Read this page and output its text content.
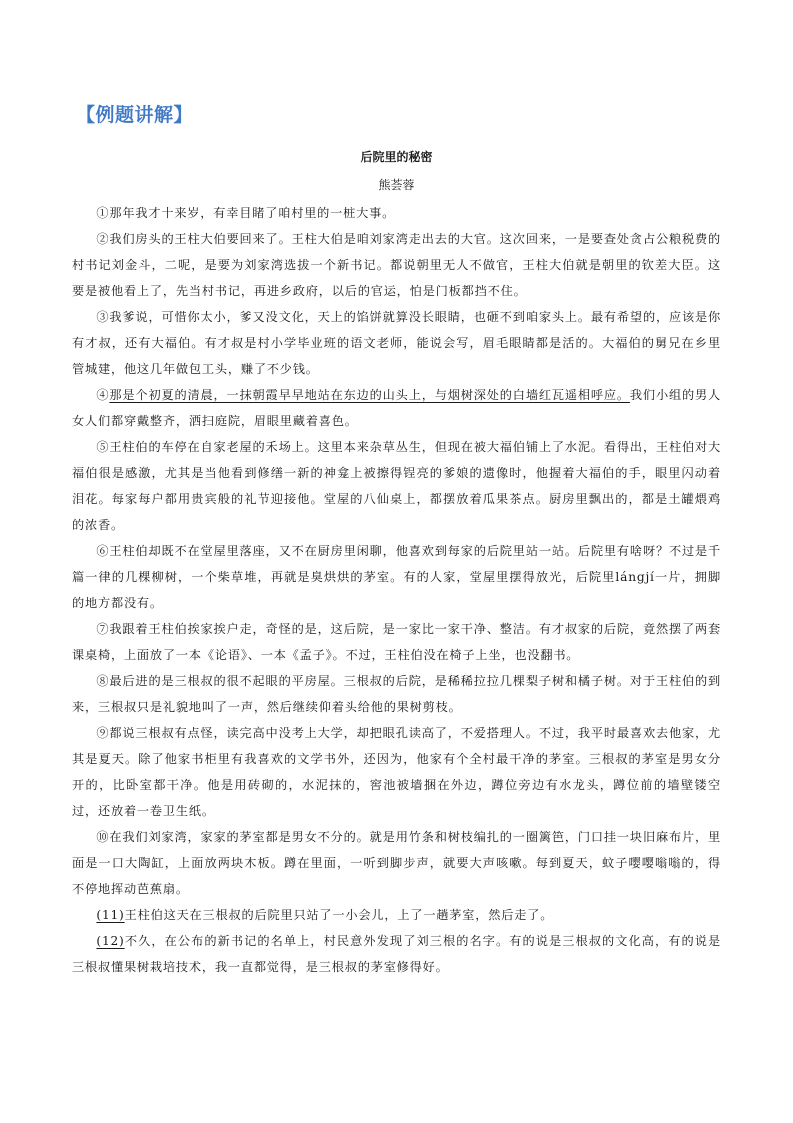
【例题讲解】
后院里的秘密
熊荟蓉

①那年我才十来岁，有幸目睹了咱村里的一桩大事。

②我们房头的王柱大伯要回来了。王柱大伯是咱刘家湾走出去的大官。这次回来，一是要查处贪占公粮税费的村书记刘金斗，二呢，是要为刘家湾选拔一个新书记。都说朝里无人不做官，王柱大伯就是朝里的钦差大臣。这要是被他看上了，先当村书记，再进乡政府，以后的官运，怕是门板都挡不住。

③我爹说，可惜你太小，爹又没文化，天上的馅饼就算没长眼睛，也砸不到咱家头上。最有希望的，应该是你有才叔，还有大福伯。有才叔是村小学毕业班的语文老师，能说会写，眉毛眼睛都是活的。大福伯的舅兄在乡里管城建，他这几年做包工头，赚了不少钱。

④那是个初夏的清晨，一抹朝霞早早地站在东边的山头上，与烟树深处的白墙红瓦遥相呼应。我们小组的男人女人们都穿戴整齐，洒扫庭院，眉眼里藏着喜色。

⑤王柱伯的车停在自家老屋的禾场上。这里本来杂草丛生，但现在被大福伯铺上了水泥。看得出，王柱伯对大福伯很是感激，尤其是当他看到修缮一新的神龛上被擦得锃亮的爹娘的遗像时，他握着大福伯的手，眼里闪动着泪花。每家每户都用贵宾般的礼节迎接他。堂屋的八仙桌上，都摆放着瓜果茶点。厨房里飘出的，都是土罐煨鸡的浓香。

⑥王柱伯却既不在堂屋里落座，又不在厨房里闲聊，他喜欢到每家的后院里站一站。后院里有啥呀？不过是千篇一律的几棵柳树，一个柴草堆，再就是臭烘烘的茅室。有的人家，堂屋里摆得放光，后院里lángjí一片，拥脚的地方都没有。

⑦我跟着王柱伯挨家挨户走，奇怪的是，这后院，是一家比一家干净、整洁。有才叔家的后院，竟然摆了两套课桌椅，上面放了一本《论语》、一本《孟子》。不过，王柱伯没在椅子上坐，也没翻书。

⑧最后进的是三根叔的很不起眼的平房屋。三根叔的后院，是稀稀拉拉几棵梨子树和橘子树。对于王柱伯的到来，三根叔只是礼貌地叫了一声，然后继续仰着头给他的果树剪枝。

⑨都说三根叔有点怪，读完高中没考上大学，却把眼孔读高了，不爱搭理人。不过，我平时最喜欢去他家，尤其是夏天。除了他家书柜里有我喜欢的文学书外，还因为，他家有个全村最干净的茅室。三根叔的茅室是男女分开的，比卧室都干净。他是用砖砌的，水泥抹的，窖池被墙捆在外边，蹲位旁边有水龙头，蹲位前的墙壁镂空过，还放着一卷卫生纸。

⑩在我们刘家湾，家家的茅室都是男女不分的。就是用竹条和树枝编扎的一圈篱笆，门口挂一块旧麻布片，里面是一口大陶缸，上面放两块木板。蹲在里面，一听到脚步声，就要大声咳嗽。每到夏天，蚊子嘤嘤嗡嗡的，得不停地挥动芭蕉扇。

(11)王柱伯这天在三根叔的后院里只站了一小会儿，上了一趟茅室，然后走了。

(12)不久，在公布的新书记的名单上，村民意外发现了刘三根的名字。有的说是三根叔的文化高，有的说是三根叔懂果树栽培技术，我一直都觉得，是三根叔的茅室修得好。
